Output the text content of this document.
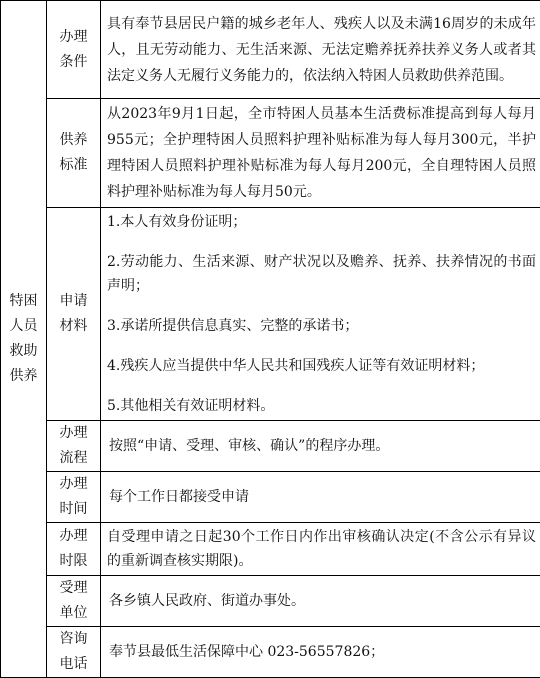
特困人员救助供养	办理条件	具有奉节县居民户籍的城乡老年人、残疾人以及未满16周岁的未成年人，且无劳动能力、无生活来源、无法定赡养抚养扶养义务人或者其法定义务人无履行义务能力的，依法纳入特困人员救助供养范围。

	供养标准	从2023年9月1日起，全市特困人员基本生活费标准提高到每人每月955元；全护理特困人员照料护理补贴标准为每人每月300元，半护理特困人员照料护理补贴标准为每人每月200元，全自理特困人员照料护理补贴标准为每人每月50元。

	申请材料	1.本人有效身份证明；

2.劳动能力、生活来源、财产状况以及赡养、抚养、扶养情况的书面声明；

3.承诺所提供信息真实、完整的承诺书；

4.残疾人应当提供中华人民共和国残疾人证等有效证明材料；

5.其他相关有效证明材料。

	办理流程	按照“申请、受理、审核、确认”的程序办理。

	办理时间	每个工作日都接受申请

	办理时限	自受理申请之日起30个工作日内作出审核确认决定(不含公示有异议的重新调查核实期限)。

	受理单位	各乡镇人民政府、街道办事处。

	咨询电话	奉节县最低生活保障中心 023-56557826；
